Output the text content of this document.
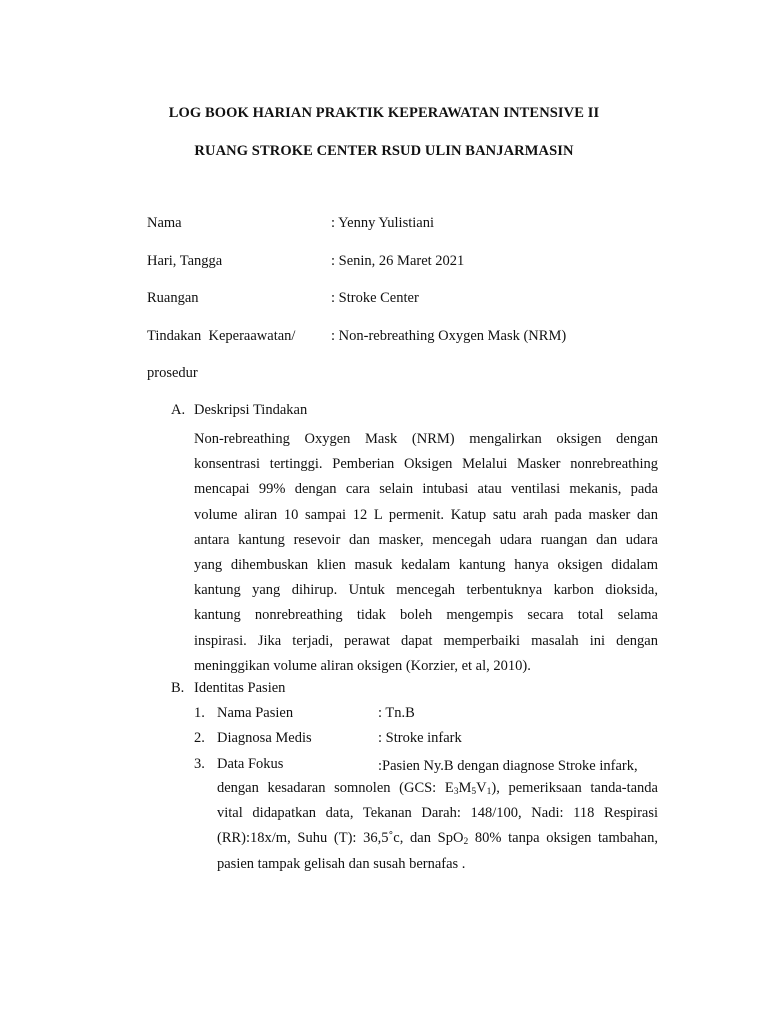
LOG BOOK HARIAN PRAKTIK KEPERAWATAN INTENSIVE II
RUANG STROKE CENTER RSUD ULIN BANJARMASIN
Nama	: Yenny Yulistiani
Hari, Tangga	: Senin, 26 Maret 2021
Ruangan	: Stroke Center
Tindakan  Keperaawatan/ : Non-rebreathing Oxygen Mask (NRM)
prosedur
A. Deskripsi Tindakan
Non-rebreathing Oxygen Mask (NRM) mengalirkan oksigen dengan
konsentrasi tertinggi. Pemberian Oksigen Melalui Masker nonrebreathing
mencapai 99% dengan cara selain intubasi atau ventilasi mekanis, pada
volume aliran 10 sampai 12 L permenit. Katup satu arah pada masker dan
antara kantung resevoir dan masker, mencegah udara ruangan dan udara
yang dihembuskan klien masuk kedalam kantung hanya oksigen didalam
kantung yang dihirup. Untuk mencegah terbentuknya karbon dioksida,
kantung nonrebreathing tidak boleh mengempis secara total selama
inspirasi. Jika terjadi, perawat dapat memperbaiki masalah ini dengan
meninggikan volume aliran oksigen (Korzier, et al, 2010).
B. Identitas Pasien
1. Nama Pasien	: Tn.B
2. Diagnosa Medis	: Stroke infark
3. Data Fokus	:Pasien Ny.B dengan diagnose Stroke infark,
dengan kesadaran somnolen (GCS: $E_3M_5V_1$), pemeriksaan tanda-tanda
vital didapatkan data, Tekanan Darah: 148/100, Nadi: 118 Respirasi
(RR):18x/m, Suhu (T): 36,5˚c, dan SpO$_2$ 80% tanpa oksigen tambahan,
pasien tampak gelisah dan susah bernafas .
